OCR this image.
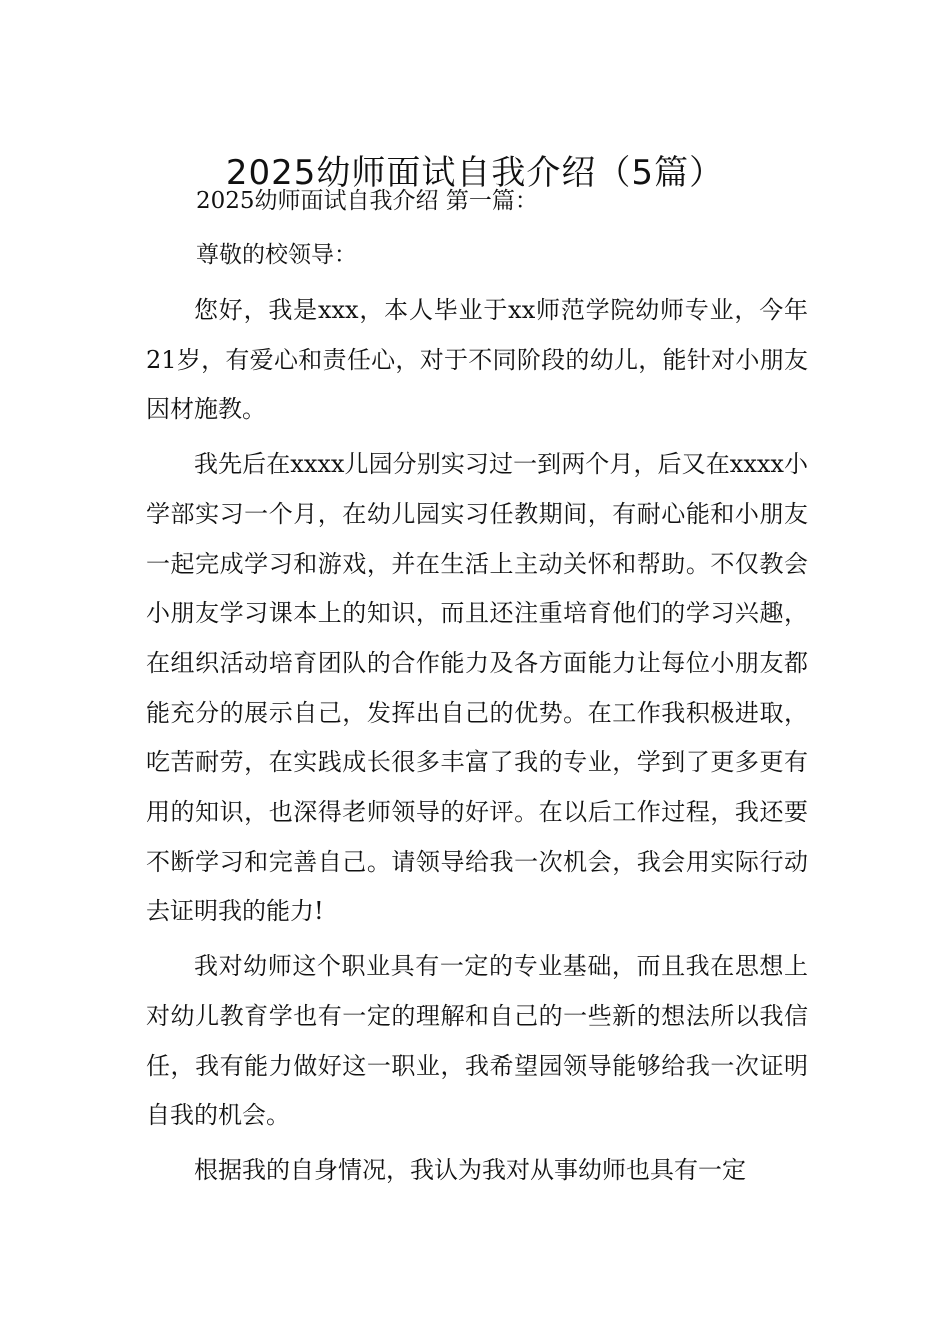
2025幼师面试自我介绍（5篇）
2025幼师面试自我介绍 第一篇：
尊敬的校领导：

您好，我是xxx，本人毕业于xx师范学院幼师专业，今年21岁，有爱心和责任心，对于不同阶段的幼儿，能针对小朋友因材施教。

我先后在xxxx儿园分别实习过一到两个月，后又在xxxx小学部实习一个月，在幼儿园实习任教期间，有耐心能和小朋友一起完成学习和游戏，并在生活上主动关怀和帮助。不仅教会小朋友学习课本上的知识，而且还注重培育他们的学习兴趣，在组织活动培育团队的合作能力及各方面能力让每位小朋友都能充分的展示自己，发挥出自己的优势。在工作我积极进取，吃苦耐劳，在实践成长很多丰富了我的专业，学到了更多更有用的知识，也深得老师领导的好评。在以后工作过程，我还要不断学习和完善自己。请领导给我一次机会，我会用实际行动去证明我的能力!

我对幼师这个职业具有一定的专业基础，而且我在思想上对幼儿教育学也有一定的理解和自己的一些新的想法所以我信任，我有能力做好这一职业，我希望园领导能够给我一次证明自我的机会。

根据我的自身情况，我认为我对从事幼师也具有一定
